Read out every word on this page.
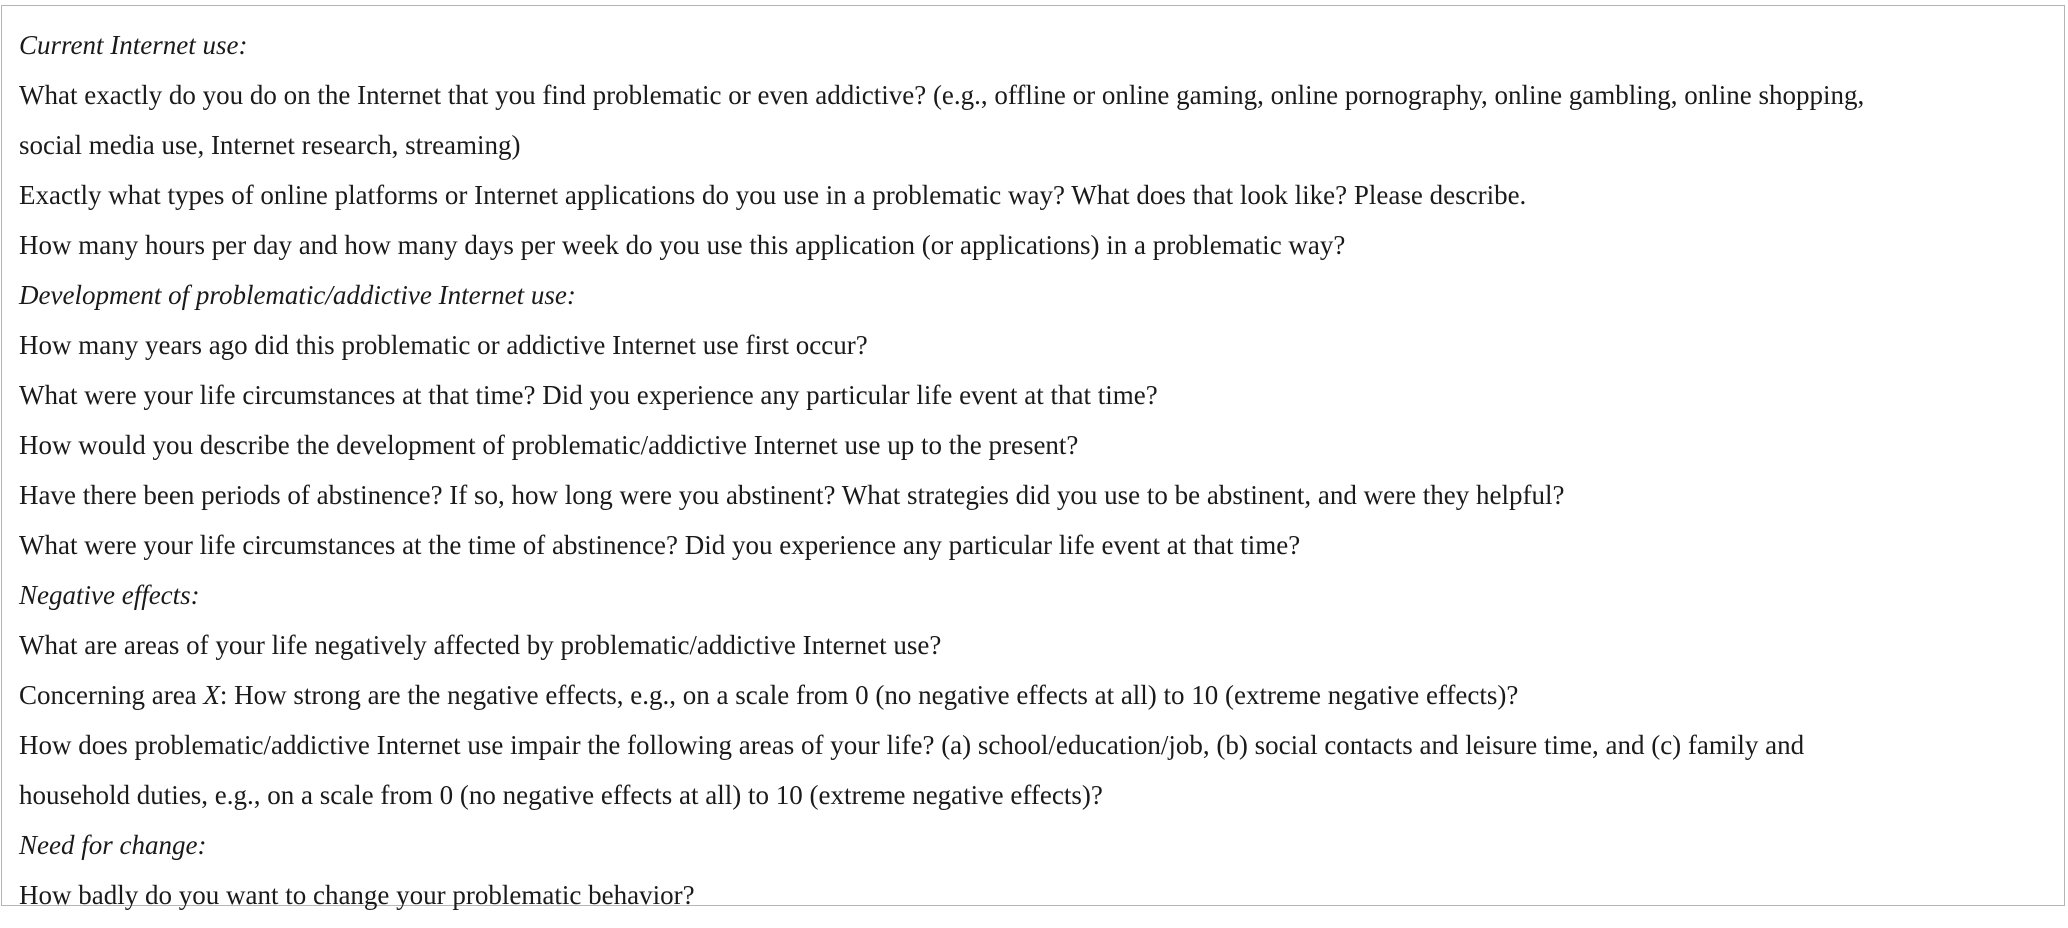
Current Internet use:
What exactly do you do on the Internet that you find problematic or even addictive? (e.g., offline or online gaming, online pornography, online gambling, online shopping,
social media use, Internet research, streaming)
Exactly what types of online platforms or Internet applications do you use in a problematic way? What does that look like? Please describe.
How many hours per day and how many days per week do you use this application (or applications) in a problematic way?
Development of problematic/addictive Internet use:
How many years ago did this problematic or addictive Internet use first occur?
What were your life circumstances at that time? Did you experience any particular life event at that time?
How would you describe the development of problematic/addictive Internet use up to the present?
Have there been periods of abstinence? If so, how long were you abstinent? What strategies did you use to be abstinent, and were they helpful?
What were your life circumstances at the time of abstinence? Did you experience any particular life event at that time?
Negative effects:
What are areas of your life negatively affected by problematic/addictive Internet use?
Concerning area X: How strong are the negative effects, e.g., on a scale from 0 (no negative effects at all) to 10 (extreme negative effects)?
How does problematic/addictive Internet use impair the following areas of your life? (a) school/education/job, (b) social contacts and leisure time, and (c) family and
household duties, e.g., on a scale from 0 (no negative effects at all) to 10 (extreme negative effects)?
Need for change:
How badly do you want to change your problematic behavior?
